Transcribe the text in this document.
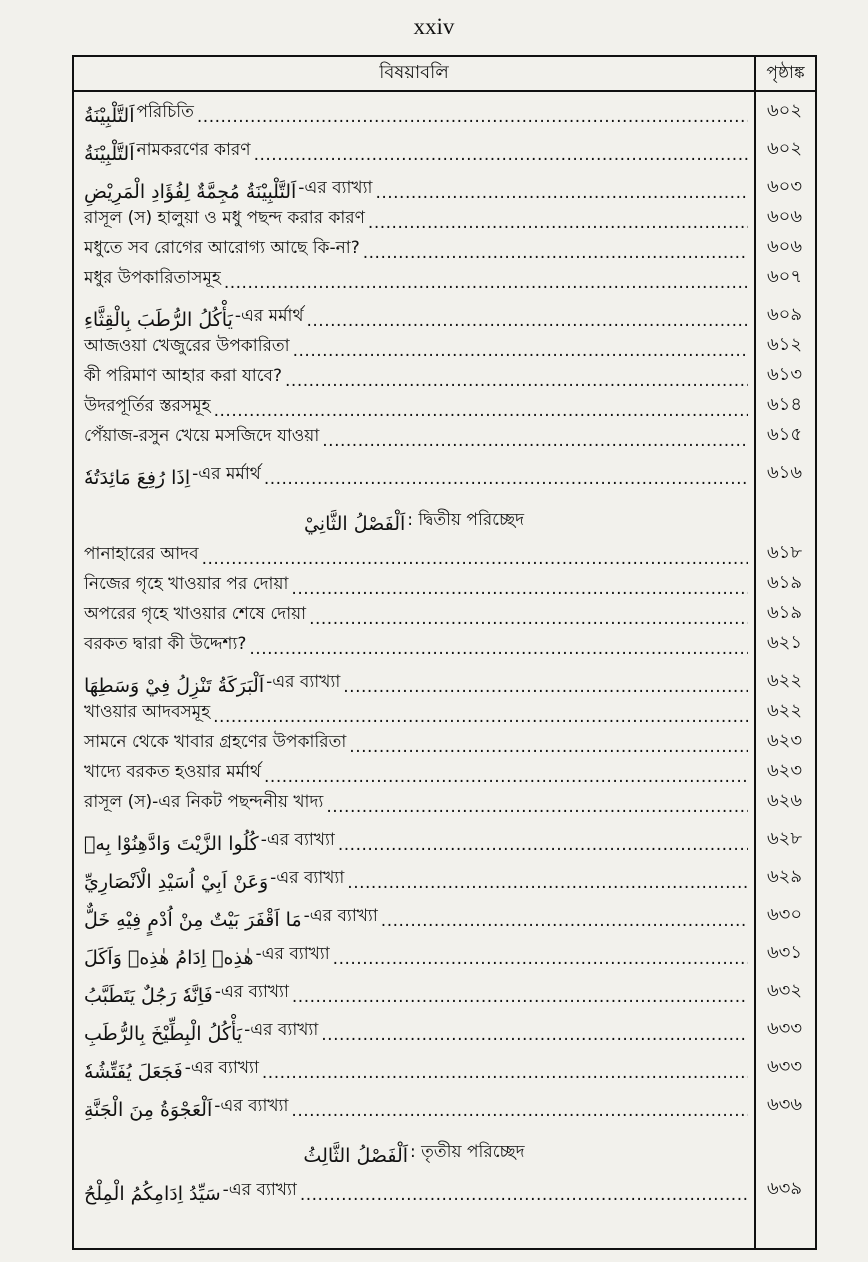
xxiv
বিষয়াবলি	পৃষ্ঠাঙ্ক
اَلتَّلْبِيْنَةُ পরিচিতি .....	৬০২
اَلتَّلْبِيْنَةُ নামকরণের কারণ .....	৬০২
اَلتَّلْبِيْنَةُ مُجِمَّةٌ لِفُؤَادِ الْمَرِيْضِ -এর ব্যাখ্যা .....	৬০৩
রাসূল (স) হালুয়া ও মধু পছন্দ করার কারণ .....	৬০৬
মধুতে সব রোগের আরোগ্য আছে কি-না? .....	৬০৬
মধুর উপকারিতাসমূহ .....	৬০৭
يَأْكُلُ الرُّطَبَ بِالْقِثَّاءِ -এর মর্মার্থ .....	৬০৯
আজওয়া খেজুরের উপকারিতা .....	৬১২
কী পরিমাণ আহার করা যাবে? .....	৬১৩
উদরপূর্তির স্তরসমূহ .....	৬১৪
পেঁয়াজ-রসুন খেয়ে মসজিদে যাওয়া .....	৬১৫
اِذَا رُفِعَ مَائِدَتُهٗ -এর মর্মার্থ .....	৬১৬
اَلْفَصْلُ الثَّانِيْ : দ্বিতীয় পরিচ্ছেদ
পানাহারের আদব .....	৬১৮
নিজের গৃহে খাওয়ার পর দোয়া .....	৬১৯
অপরের গৃহে খাওয়ার শেষে দোয়া .....	৬১৯
বরকত দ্বারা কী উদ্দেশ্য? .....	৬২১
اَلْبَرَكَةُ تَنْزِلُ فِيْ وَسَطِهَا -এর ব্যাখ্যা .....	৬২২
খাওয়ার আদবসমূহ .....	৬২২
সামনে থেকে খাবার গ্রহণের উপকারিতা .....	৬২৩
খাদ্যে বরকত হওয়ার মর্মার্থ .....	৬২৩
রাসূল (স)-এর নিকট পছন্দনীয় খাদ্য .....	৬২৬
كُلُوا الزَّيْتَ وَادَّهِنُوْا بِهٖ -এর ব্যাখ্যা .....	৬২৮
وَعَنْ اَبِيْ اُسَيْدِ الْاَنْصَارِيِّ -এর ব্যাখ্যা .....	৬২৯
مَا اَقْفَرَ بَيْتٌ مِنْ اُدْمٍ فِيْهِ خَلٌّ -এর ব্যাখ্যা .....	৬৩০
هٰذِهٖ اِدَامُ هٰذِهٖ وَاَكَلَ -এর ব্যাখ্যা .....	৬৩১
فَاِنَّهٗ رَجُلٌ يَتَطَبَّبُ -এর ব্যাখ্যা .....	৬৩২
يَأْكُلُ الْبِطِّيْخَ بِالرُّطَبِ -এর ব্যাখ্যা .....	৬৩৩
فَجَعَلَ يُفَتِّشُهٗ -এর ব্যাখ্যা .....	৬৩৩
اَلْعَجْوَةُ مِنَ الْجَنَّةِ -এর ব্যাখ্যা .....	৬৩৬
اَلْفَصْلُ الثَّالِثُ : তৃতীয় পরিচ্ছেদ
سَيِّدُ اِدَامِكُمُ الْمِلْحُ -এর ব্যাখ্যা .....	৬৩৯
